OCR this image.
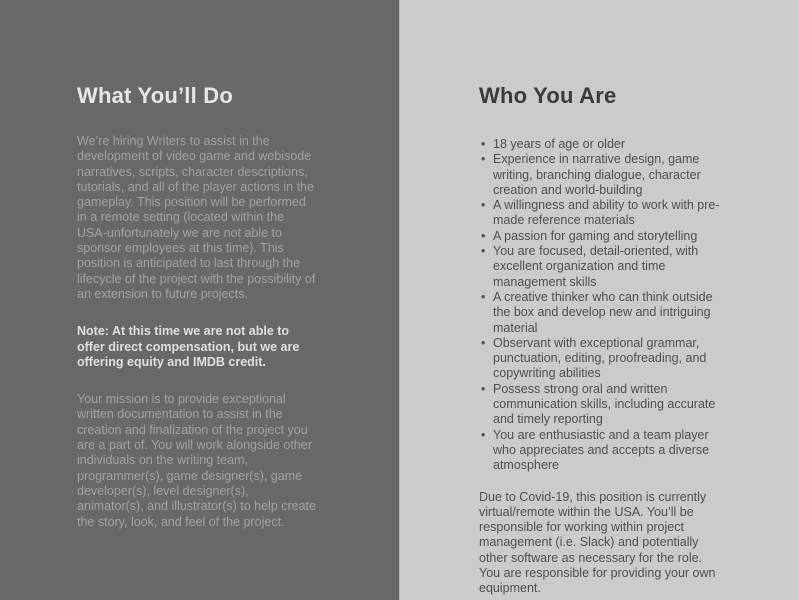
What You’ll Do

We’re hiring Writers to assist in the development of video game and webisode narratives, scripts, character descriptions, tutorials, and all of the player actions in the gameplay. This position will be performed in a remote setting (located within the USA-unfortunately we are not able to sponsor employees at this time). This position is anticipated to last through the lifecycle of the project with the possibility of an extension to future projects.

Note: At this time we are not able to offer direct compensation, but we are offering equity and IMDB credit.

Your mission is to provide exceptional written documentation to assist in the creation and finalization of the project you are a part of. You will work alongside other individuals on the writing team, programmer(s), game designer(s), game developer(s), level designer(s), animator(s), and illustrator(s) to help create the story, look, and feel of the project.

Who You Are
• 18 years of age or older
• Experience in narrative design, game writing, branching dialogue, character creation and world-building
• A willingness and ability to work with pre-made reference materials
• A passion for gaming and storytelling
• You are focused, detail-oriented, with excellent organization and time management skills
• A creative thinker who can think outside the box and develop new and intriguing material
• Observant with exceptional grammar, punctuation, editing, proofreading, and copywriting abilities
• Possess strong oral and written communication skills, including accurate and timely reporting
• You are enthusiastic and a team player who appreciates and accepts a diverse atmosphere

Due to Covid-19, this position is currently virtual/remote within the USA. You’ll be responsible for working within project management (i.e. Slack) and potentially other software as necessary for the role. You are responsible for providing your own equipment.
